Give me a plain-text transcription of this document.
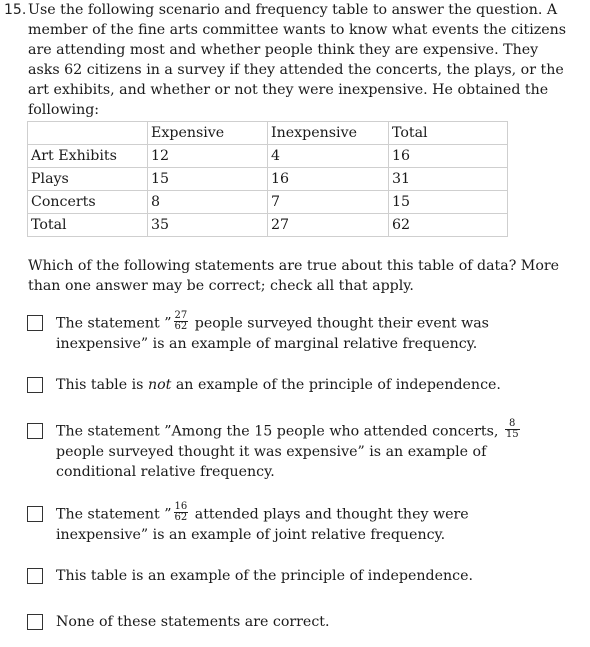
15. Use the following scenario and frequency table to answer the question. A member of the fine arts committee wants to know what events the citizens are attending most and whether people think they are expensive. They asks 62 citizens in a survey if they attended the concerts, the plays, or the art exhibits, and whether or not they were inexpensive. He obtained the following:
	Expensive	Inexpensive	Total
Art Exhibits	12	4	16
Plays	15	16	31
Concerts	8	7	15
Total	35	27	62
Which of the following statements are true about this table of data? More than one answer may be correct; check all that apply.
The statement ” $\frac{27}{62}$ people surveyed thought their event was inexpensive” is an example of marginal relative frequency.
This table is not an example of the principle of independence.
The statement ”Among the 15 people who attended concerts, $\frac{8}{15}$
people surveyed thought it was expensive” is an example of conditional relative frequency.
The statement ” $\frac{16}{62}$ attended plays and thought they were inexpensive” is an example of joint relative frequency.
This table is an example of the principle of independence.
None of these statements are correct.
